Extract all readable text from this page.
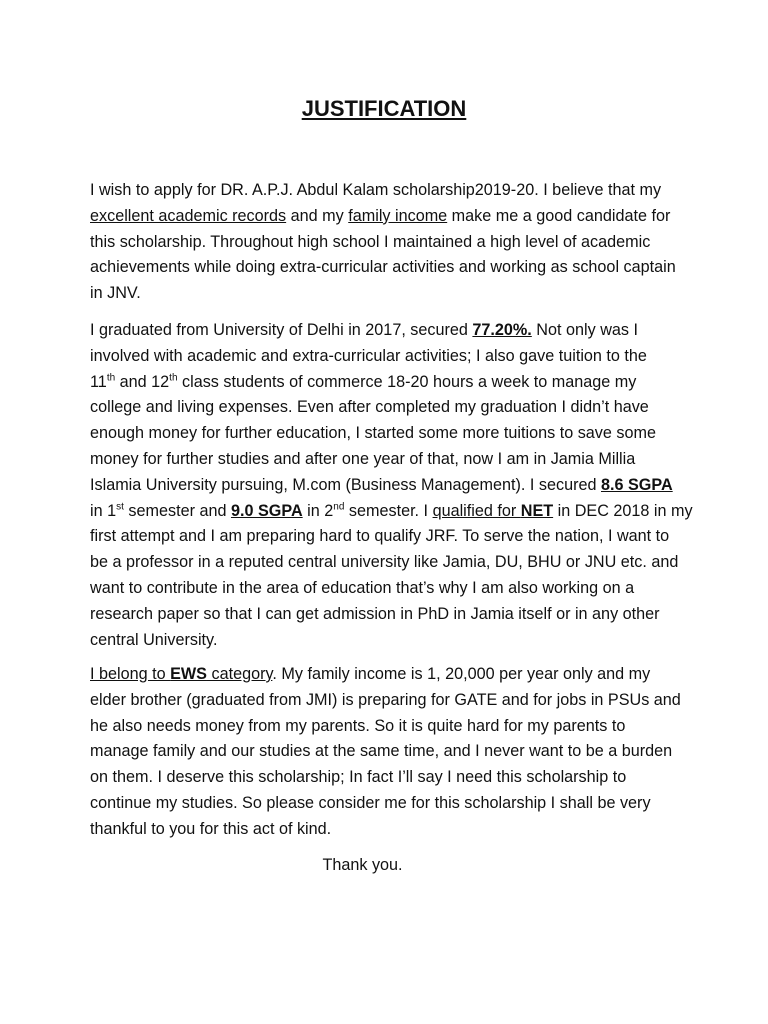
JUSTIFICATION
I wish to apply for DR. A.P.J. Abdul Kalam scholarship2019-20. I believe that my
excellent academic records and my family income make me a good candidate for
this scholarship. Throughout high school I maintained a high level of academic
achievements while doing extra-curricular activities and working as school captain
in JNV.
I graduated from University of Delhi in 2017, secured 77.20%. Not only was I
involved with academic and extra-curricular activities; I also gave tuition to the
11th and 12th class students of commerce 18-20 hours a week to manage my
college and living expenses. Even after completed my graduation I didn’t have
enough money for further education, I started some more tuitions to save some
money for further studies and after one year of that, now I am in Jamia Millia
Islamia University pursuing, M.com (Business Management). I secured 8.6 SGPA
in 1st semester and 9.0 SGPA in 2nd semester. I qualified for NET in DEC 2018 in my
first attempt and I am preparing hard to qualify JRF. To serve the nation, I want to
be a professor in a reputed central university like Jamia, DU, BHU or JNU etc. and
want to contribute in the area of education that’s why I am also working on a
research paper so that I can get admission in PhD in Jamia itself or in any other
central University.
I belong to EWS category. My family income is 1, 20,000 per year only and my
elder brother (graduated from JMI) is preparing for GATE and for jobs in PSUs and
he also needs money from my parents. So it is quite hard for my parents to
manage family and our studies at the same time, and I never want to be a burden
on them. I deserve this scholarship; In fact I’ll say I need this scholarship to
continue my studies. So please consider me for this scholarship I shall be very
thankful to you for this act of kind.
Thank you.
